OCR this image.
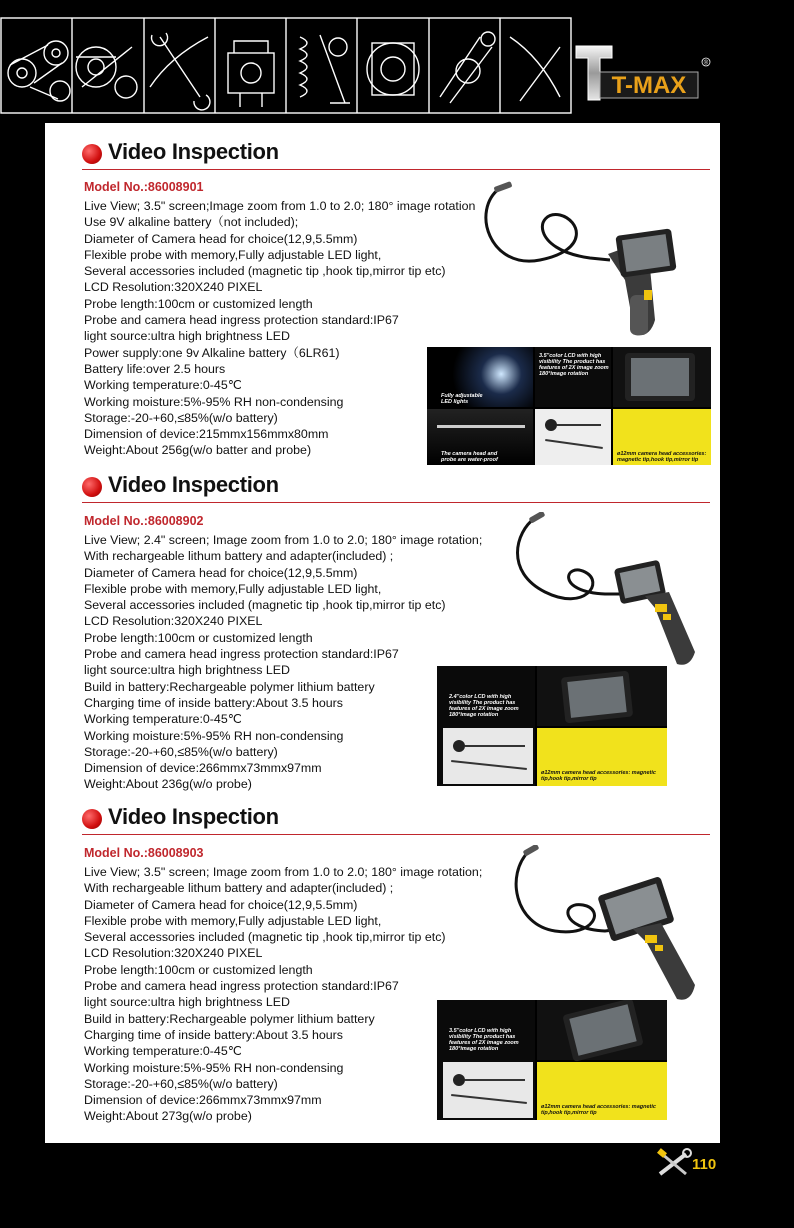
T-MAX
®
Video Inspection
Model No.:86008901
Live View; 3.5" screen;Image zoom from 1.0 to 2.0; 180° image rotation
Use 9V alkaline battery（not included);
Diameter of Camera head for choice(12,9,5.5mm)
Flexible probe with memory,Fully adjustable LED light,
Several accessories included (magnetic tip ,hook tip,mirror tip etc)
LCD Resolution:320X240 PIXEL
Probe length:100cm or customized length
Probe and camera head ingress protection standard:IP67
light source:ultra high brightness LED
Power supply:one 9v Alkaline battery（6LR61)
Battery life:over 2.5 hours
Working temperature:0-45℃
Working moisture:5%-95% RH non-condensing
Storage:-20-+60,≤85%(w/o battery)
Dimension of device:215mmx156mmx80mm
Weight:About 256g(w/o batter and probe)
Fully adjustable LED lights
3.5"color LCD with high visibility The product has features of 2X image zoom 180°image rotation
The camera head and probe are water-proof
ø12mm camera head accessories: magnetic tip,hook tip,mirror tip
Video Inspection
Model No.:86008902
Live View; 2.4" screen; Image zoom from 1.0 to 2.0; 180° image rotation;
With rechargeable lithum battery and adapter(included) ;
Diameter of Camera head for choice(12,9,5.5mm)
Flexible probe with memory,Fully adjustable LED light,
Several accessories included (magnetic tip ,hook tip,mirror tip etc)
LCD Resolution:320X240 PIXEL
Probe length:100cm or customized length
Probe and camera head ingress protection standard:IP67
light source:ultra high brightness LED
Build in battery:Rechargeable polymer lithium battery
Charging time of inside battery:About 3.5 hours
Working temperature:0-45℃
Working moisture:5%-95% RH non-condensing
Storage:-20-+60,≤85%(w/o battery)
Dimension of device:266mmx73mmx97mm
Weight:About 236g(w/o probe)
2.4"color LCD with high visibility The product has features of 2X image zoom 180°image rotation
ø12mm camera head accessories: magnetic tip,hook tip,mirror tip
Video Inspection
Model No.:86008903
Live View; 3.5" screen; Image zoom from 1.0 to 2.0; 180° image rotation;
With rechargeable lithum battery and adapter(included) ;
Diameter of Camera head for choice(12,9,5.5mm)
Flexible probe with memory,Fully adjustable LED light,
Several accessories included (magnetic tip ,hook tip,mirror tip etc)
LCD Resolution:320X240 PIXEL
Probe length:100cm or customized length
Probe and camera head ingress protection standard:IP67
light source:ultra high brightness LED
Build in battery:Rechargeable polymer lithium battery
Charging time of inside battery:About 3.5 hours
Working temperature:0-45℃
Working moisture:5%-95% RH non-condensing
Storage:-20-+60,≤85%(w/o battery)
Dimension of device:266mmx73mmx97mm
Weight:About 273g(w/o probe)
3.5"color LCD with high visibility The product has features of 2X image zoom 180°image rotation
ø12mm camera head accessories: magnetic tip,hook tip,mirror tip
110
